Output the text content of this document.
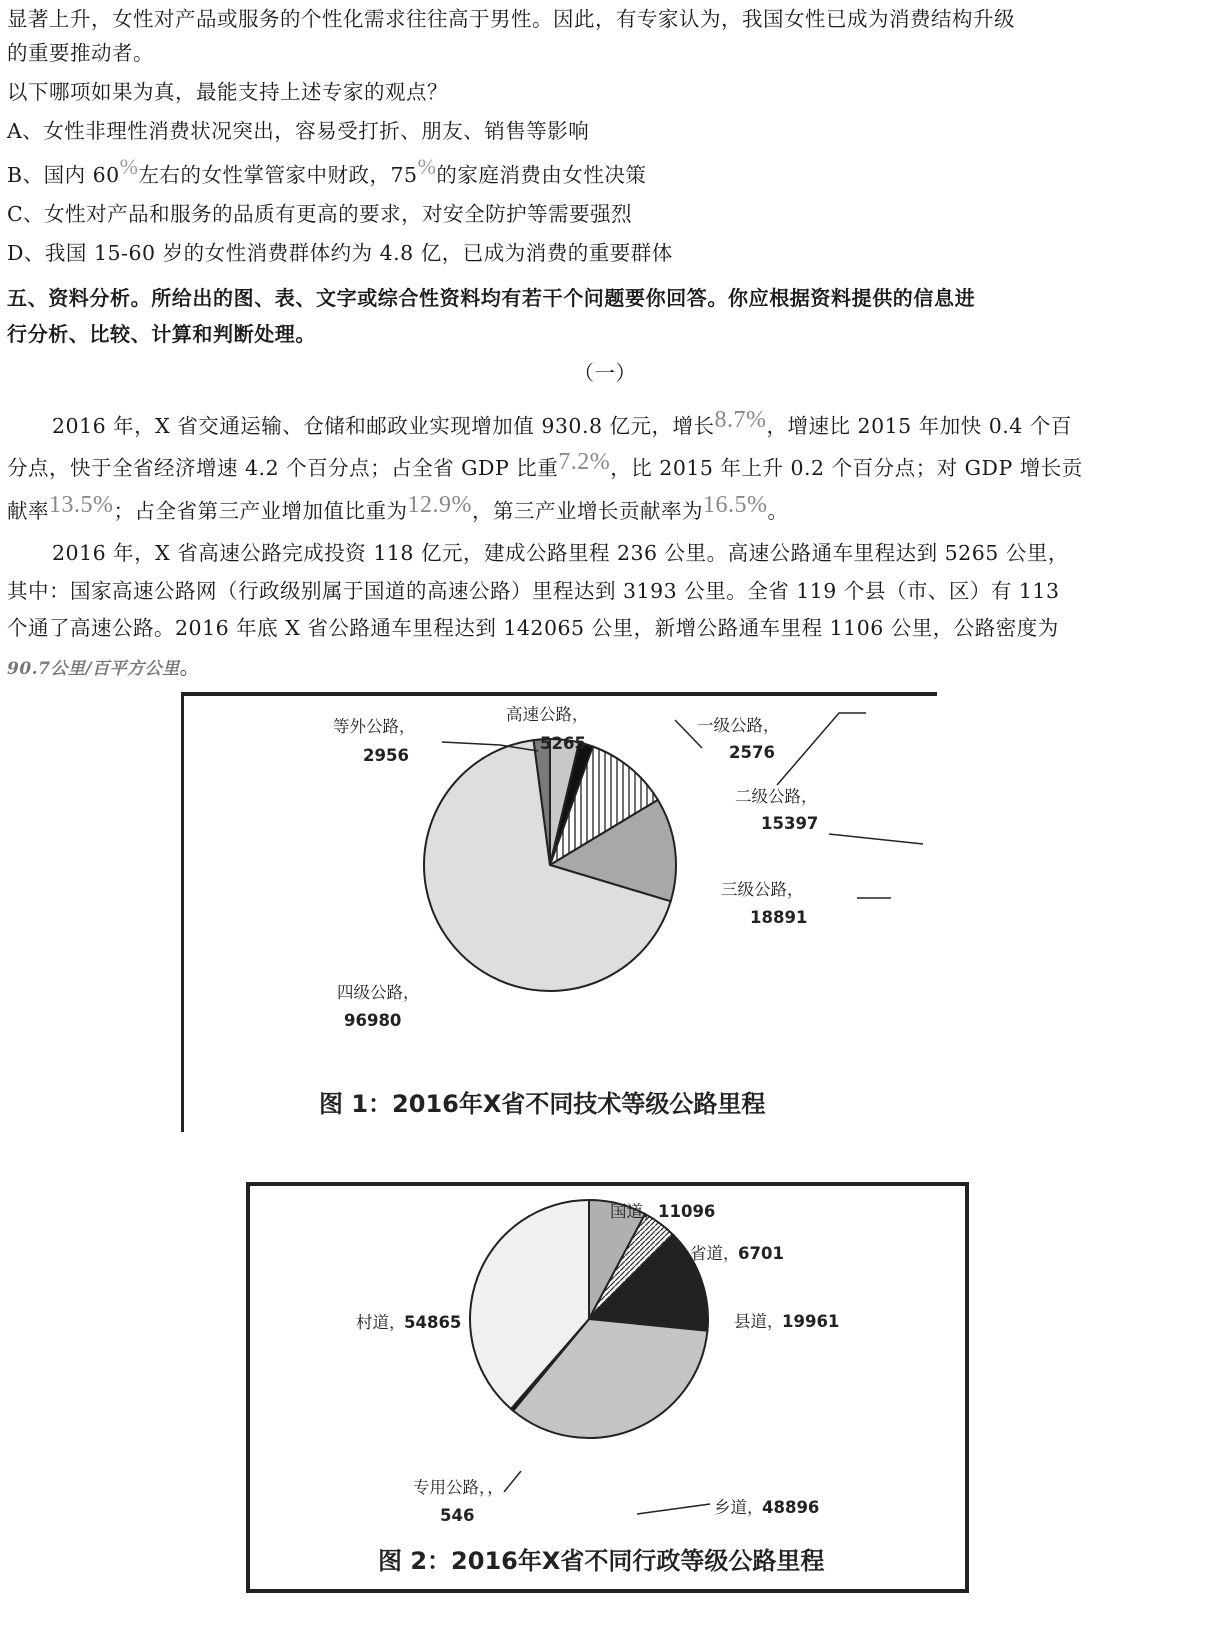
显著上升，女性对产品或服务的个性化需求往往高于男性。因此，有专家认为，我国女性已成为消费结构升级
的重要推动者。
以下哪项如果为真，最能支持上述专家的观点？
A、女性非理性消费状况突出，容易受打折、朋友、销售等影响
B、国内 60%左右的女性掌管家中财政，75%的家庭消费由女性决策
C、女性对产品和服务的品质有更高的要求，对安全防护等需要强烈
D、我国 15-60 岁的女性消费群体约为 4.8 亿，已成为消费的重要群体
五、资料分析。所给出的图、表、文字或综合性资料均有若干个问题要你回答。你应根据资料提供的信息进
行分析、比较、计算和判断处理。
（一）
2016 年，X 省交通运输、仓储和邮政业实现增加值 930.8 亿元，增长8.7%，增速比 2015 年加快 0.4 个百
分点，快于全省经济增速 4.2 个百分点；占全省 GDP 比重7.2%，比 2015 年上升 0.2 个百分点；对 GDP 增长贡
献率13.5%；占全省第三产业增加值比重为12.9%，第三产业增长贡献率为16.5%。
2016 年，X 省高速公路完成投资 118 亿元，建成公路里程 236 公里。高速公路通车里程达到 5265 公里，
其中：国家高速公路网（行政级别属于国道的高速公路）里程达到 3193 公里。全省 119 个县（市、区）有 113
个通了高速公路。2016 年底 X 省公路通车里程达到 142065 公里，新增公路通车里程 1106 公里，公路密度为
90.7公里/百平方公里。
等外公路，
2956
高速公路，
5265
一级公路，
2576
二级公路，
15397
三级公路，
18891
四级公路，
96980
图 1：2016年X省不同技术等级公路里程
国道，
11096
省道，
6701
县道，
19961
村道，
54865
专用公路，，
546	乡道，
48896
图 2：2016年X省不同行政等级公路里程
